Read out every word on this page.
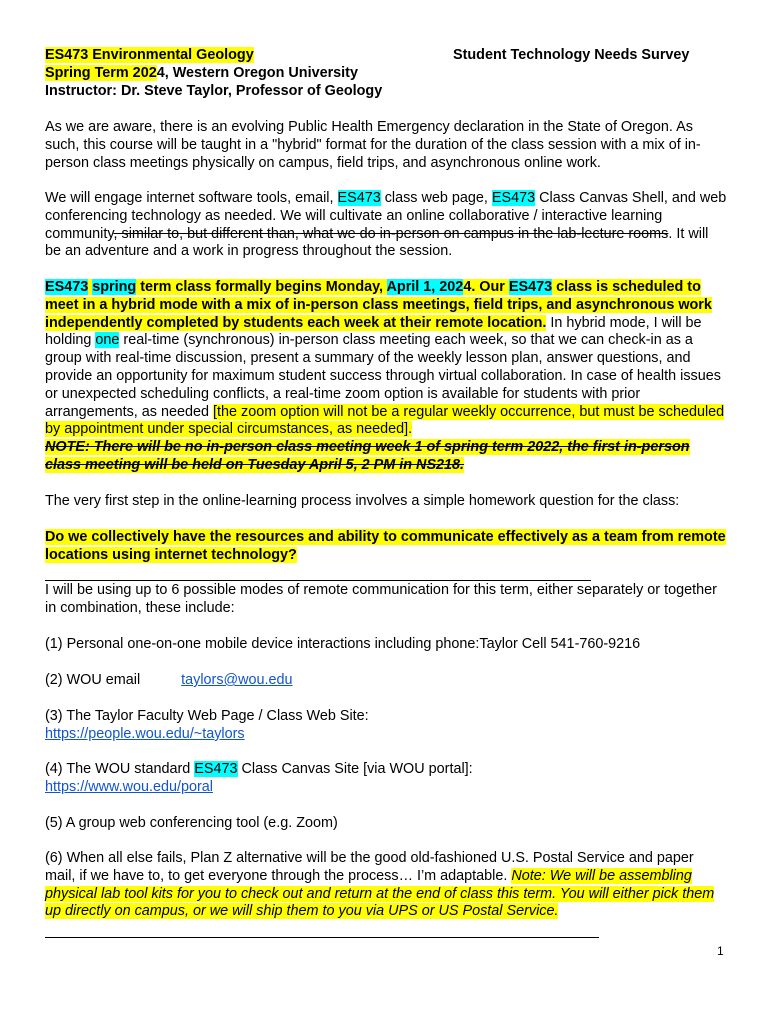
ES473 Environmental Geology
Spring Term 2024, Western Oregon University
Instructor: Dr. Steve Taylor, Professor of Geology
Student Technology Needs Survey
As we are aware, there is an evolving Public Health Emergency declaration in the State of Oregon. As such, this course will be taught in a "hybrid" format for the duration of the class session with a mix of in-person class meetings physically on campus, field trips, and asynchronous online work.
We will engage internet software tools, email, ES473 class web page, ES473 Class Canvas Shell, and web conferencing technology as needed. We will cultivate an online collaborative / interactive learning community, similar to, but different than, what we do in-person on campus in the lab-lecture rooms. It will be an adventure and a work in progress throughout the session.
ES473 spring term class formally begins Monday, April 1, 2024. Our ES473 class is scheduled to meet in a hybrid mode with a mix of in-person class meetings, field trips, and asynchronous work independently completed by students each week at their remote location. In hybrid mode, I will be holding one real-time (synchronous) in-person class meeting each week, so that we can check-in as a group with real-time discussion, present a summary of the weekly lesson plan, answer questions, and provide an opportunity for maximum student success through virtual collaboration. In case of health issues or unexpected scheduling conflicts, a real-time zoom option is available for students with prior arrangements, as needed [the zoom option will not be a regular weekly occurrence, but must be scheduled by appointment under special circumstances, as needed].
NOTE: There will be no in-person class meeting week 1 of spring term 2022, the first in-person class meeting will be held on Tuesday April 5, 2 PM in NS218.
The very first step in the online-learning process involves a simple homework question for the class:
Do we collectively have the resources and ability to communicate effectively as a team from remote locations using internet technology?
I will be using up to 6 possible modes of remote communication for this term, either separately or together in combination, these include:
(1) Personal one-on-one mobile device interactions including phone:Taylor Cell 541-760-9216
(2) WOU email	taylors@wou.edu
(3) The Taylor Faculty Web Page / Class Web Site:
https://people.wou.edu/~taylors
(4) The WOU standard ES473 Class Canvas Site [via WOU portal]:
https://www.wou.edu/poral
(5) A group web conferencing tool (e.g. Zoom)
(6) When all else fails, Plan Z alternative will be the good old-fashioned U.S. Postal Service and paper mail, if we have to, to get everyone through the process… I’m adaptable. Note: We will be assembling physical lab tool kits for you to check out and return at the end of class this term. You will either pick them up directly on campus, or we will ship them to you via UPS or US Postal Service.
1
